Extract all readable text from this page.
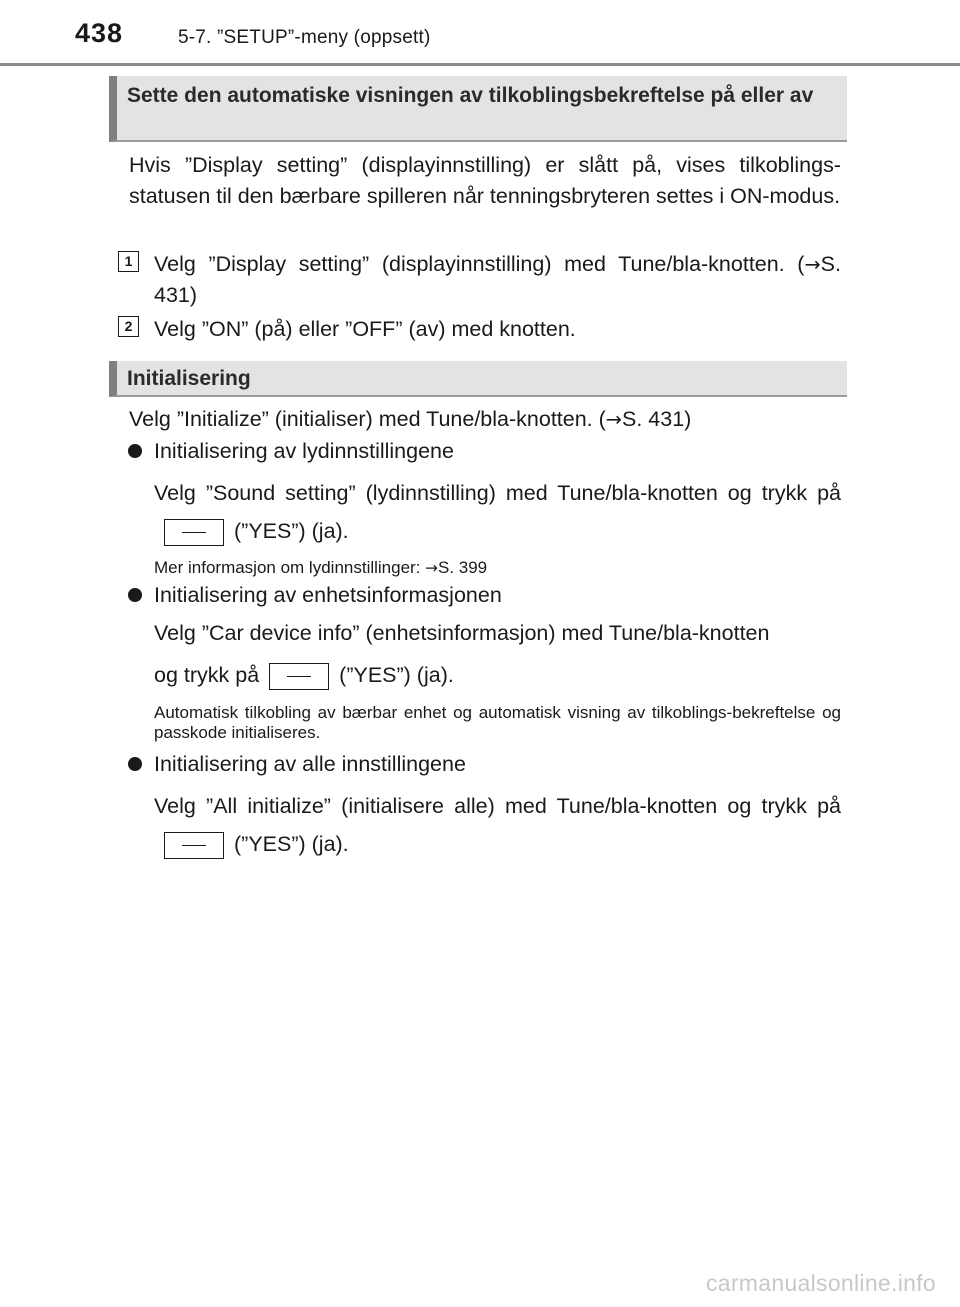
438	5-7. ”SETUP”-meny (oppsett)
Sette den automatiske visningen av tilkoblingsbekreftelse på eller av
Hvis ”Display setting” (displayinnstilling) er slått på, vises tilkoblings-statusen til den bærbare spilleren når tenningsbryteren settes i ON-modus.
1	Velg ”Display setting” (displayinnstilling) med Tune/bla-knotten. (→S. 431)
2	Velg ”ON” (på) eller ”OFF” (av) med knotten.
Initialisering
Velg ”Initialize” (initialiser) med Tune/bla-knotten. (→S. 431)
Initialisering av lydinnstillingene
Velg ”Sound setting” (lydinnstilling) med Tune/bla-knotten og trykk på(”YES”) (ja).
Mer informasjon om lydinnstillinger: →S. 399
Initialisering av enhetsinformasjonen
Velg ”Car device info” (enhetsinformasjon) med Tune/bla-knotten
og trykk på	(”YES”) (ja).
Automatisk tilkobling av bærbar enhet og automatisk visning av tilkoblings-bekreftelse og passkode initialiseres.
Initialisering av alle innstillingene
Velg ”All initialize” (initialisere alle) med Tune/bla-knotten og trykk på(”YES”) (ja).
carmanualsonline.info
